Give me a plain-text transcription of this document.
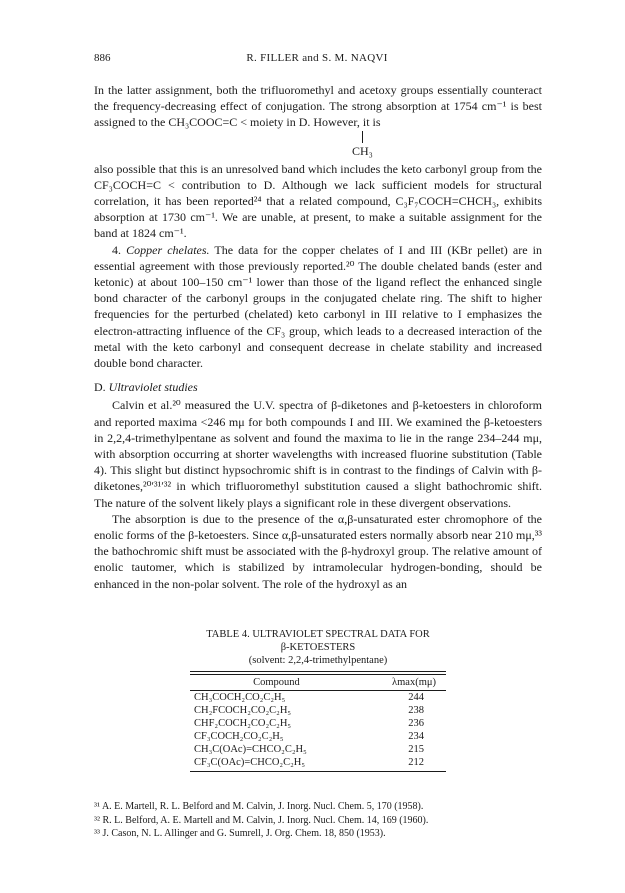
886	R. FILLER and S. M. NAQVI

In the latter assignment, both the trifluoromethyl and acetoxy groups essentially counteract the frequency-decreasing effect of conjugation. The strong absorption at 1754 cm⁻¹ is best assigned to the CH₃COOC=C < moiety in D. However, it is

CH₃

also possible that this is an unresolved band which includes the keto carbonyl group from the CF₃COCH=C < contribution to D. Although we lack sufficient models for structural correlation, it has been reported²⁴ that a related compound, C₃F₇COCH=CHCH₃, exhibits absorption at 1730 cm⁻¹. We are unable, at present, to make a suitable assignment for the band at 1824 cm⁻¹.

4. Copper chelates. The data for the copper chelates of I and III (KBr pellet) are in essential agreement with those previously reported.²⁰ The double chelated bands (ester and ketonic) at about 100–150 cm⁻¹ lower than those of the ligand reflect the enhanced single bond character of the carbonyl groups in the conjugated chelate ring. The shift to higher frequencies for the perturbed (chelated) keto carbonyl in III relative to I emphasizes the electron-attracting influence of the CF₃ group, which leads to a decreased interaction of the metal with the keto carbonyl and consequent decrease in chelate stability and increased double bond character.

D. Ultraviolet studies

Calvin et al.²⁰ measured the U.V. spectra of β-diketones and β-ketoesters in chloroform and reported maxima <246 mμ for both compounds I and III. We examined the β-ketoesters in 2,2,4-trimethylpentane as solvent and found the maxima to lie in the range 234–244 mμ, with absorption occurring at shorter wavelengths with increased fluorine substitution (Table 4). This slight but distinct hypsochromic shift is in contrast to the findings of Calvin with β-diketones,²⁰ʹ³¹ʹ³² in which trifluoromethyl substitution caused a slight bathochromic shift. The nature of the solvent likely plays a significant role in these divergent observations.

The absorption is due to the presence of the α,β-unsaturated ester chromophore of the enolic forms of the β-ketoesters. Since α,β-unsaturated esters normally absorb near 210 mμ,³³ the bathochromic shift must be associated with the β-hydroxyl group. The relative amount of enolic tautomer, which is stabilized by intramolecular hydrogen-bonding, should be enhanced in the non-polar solvent. The role of the hydroxyl as an

TABLE 4. ULTRAVIOLET SPECTRAL DATA FOR
β-KETOESTERS
(solvent: 2,2,4-trimethylpentane)

Compound	λmax(mμ)
CH₃COCH₂CO₂C₂H₅	244
CH₂FCOCH₂CO₂C₂H₅	238
CHF₂COCH₂CO₂C₂H₅	236
CF₃COCH₂CO₂C₂H₅	234
CH₃C(OAc)=CHCO₂C₂H₅	215
CF₃C(OAc)=CHCO₂C₂H₅	212
³¹ A. E. Martell, R. L. Belford and M. Calvin, J. Inorg. Nucl. Chem. 5, 170 (1958).
³² R. L. Belford, A. E. Martell and M. Calvin, J. Inorg. Nucl. Chem. 14, 169 (1960).
³³ J. Cason, N. L. Allinger and G. Sumrell, J. Org. Chem. 18, 850 (1953).
